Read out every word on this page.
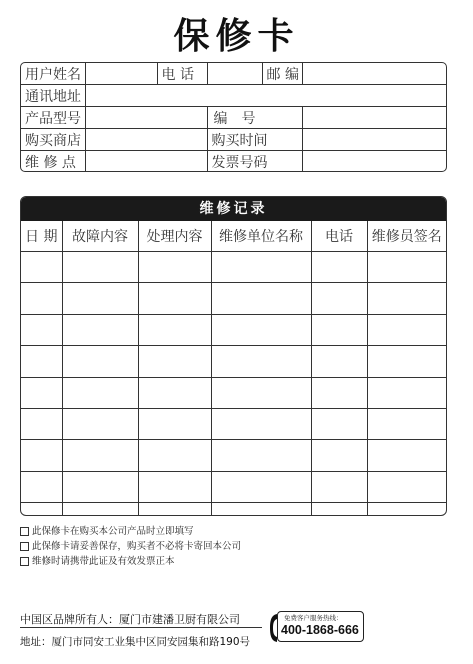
保修卡
用户姓名		电 话		邮 编	
通讯地址					
产品型号			编　号		
购买商店			购买时间		
维 修 点			发票号码		
维修记录
日 期	故障内容	处理内容	维修单位名称	电话	维修员签名

此保修卡在购买本公司产品时立即填写
此保修卡请妥善保存，购买者不必将卡寄回本公司
维修时请携带此证及有效发票正本
中国区品牌所有人：厦门市建潘卫厨有限公司
地址：厦门市同安工业集中区同安园集和路190号
免费客户服务热线：
400-1868-666
